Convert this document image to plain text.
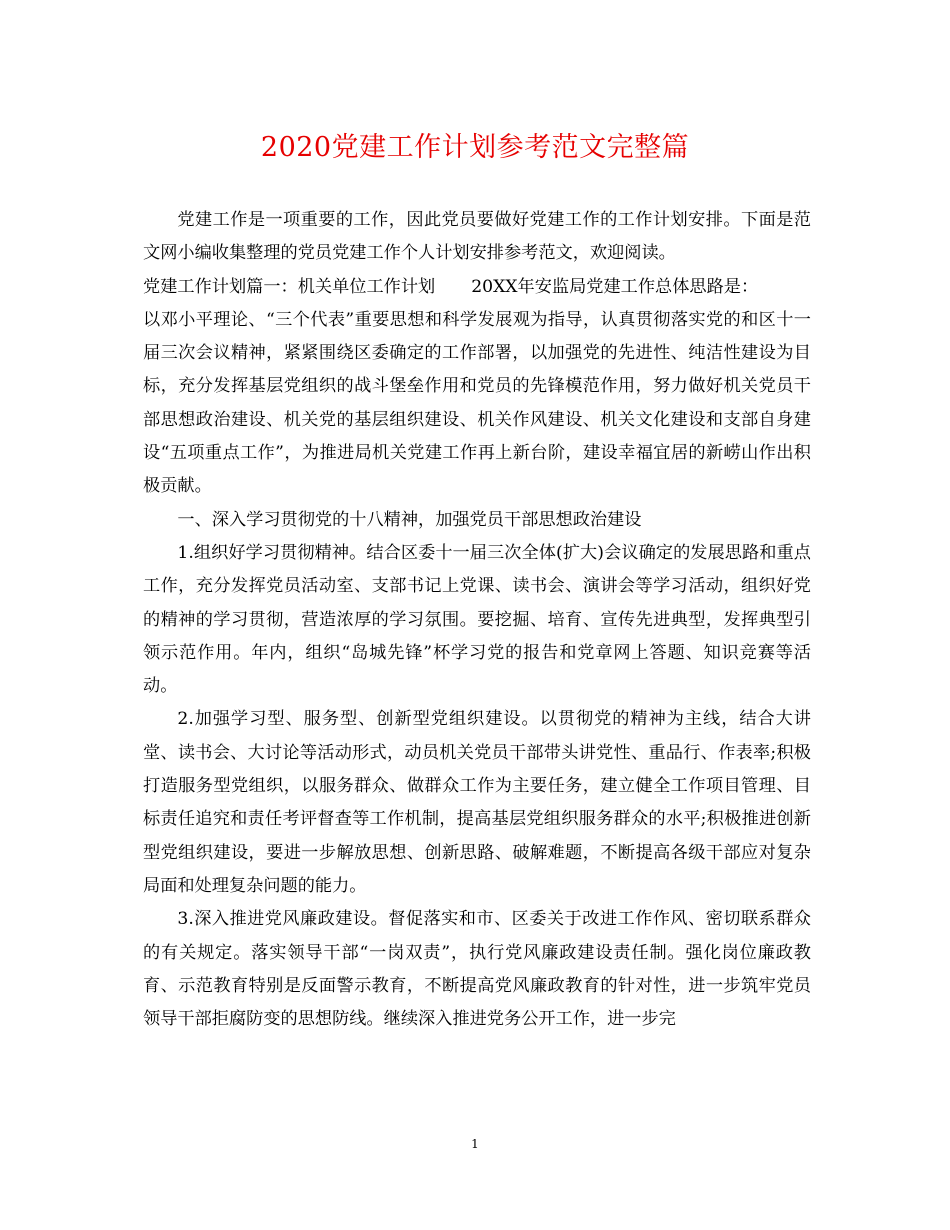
2020党建工作计划参考范文完整篇

党建工作是一项重要的工作，因此党员要做好党建工作的工作计划安排。下面是范文网小编收集整理的党员党建工作个人计划安排参考范文，欢迎阅读。

党建工作计划篇一：机关单位工作计划 20XX年安监局党建工作总体思路是：

以邓小平理论、“三个代表”重要思想和科学发展观为指导，认真贯彻落实党的和区十一届三次会议精神，紧紧围绕区委确定的工作部署，以加强党的先进性、纯洁性建设为目标，充分发挥基层党组织的战斗堡垒作用和党员的先锋模范作用，努力做好机关党员干部思想政治建设、机关党的基层组织建设、机关作风建设、机关文化建设和支部自身建设“五项重点工作”，为推进局机关党建工作再上新台阶，建设幸福宜居的新崂山作出积极贡献。

一、深入学习贯彻党的十八精神，加强党员干部思想政治建设

1.组织好学习贯彻精神。结合区委十一届三次全体(扩大)会议确定的发展思路和重点工作，充分发挥党员活动室、支部书记上党课、读书会、演讲会等学习活动，组织好党的精神的学习贯彻，营造浓厚的学习氛围。要挖掘、培育、宣传先进典型，发挥典型引领示范作用。年内，组织“岛城先锋”杯学习党的报告和党章网上答题、知识竞赛等活动。

2.加强学习型、服务型、创新型党组织建设。以贯彻党的精神为主线，结合大讲堂、读书会、大讨论等活动形式，动员机关党员干部带头讲党性、重品行、作表率;积极打造服务型党组织，以服务群众、做群众工作为主要任务，建立健全工作项目管理、目标责任追究和责任考评督查等工作机制，提高基层党组织服务群众的水平;积极推进创新型党组织建设，要进一步解放思想、创新思路、破解难题，不断提高各级干部应对复杂局面和处理复杂问题的能力。

3.深入推进党风廉政建设。督促落实和市、区委关于改进工作作风、密切联系群众的有关规定。落实领导干部“一岗双责”，执行党风廉政建设责任制。强化岗位廉政教育、示范教育特别是反面警示教育，不断提高党风廉政教育的针对性，进一步筑牢党员领导干部拒腐防变的思想防线。继续深入推进党务公开工作，进一步完

1
